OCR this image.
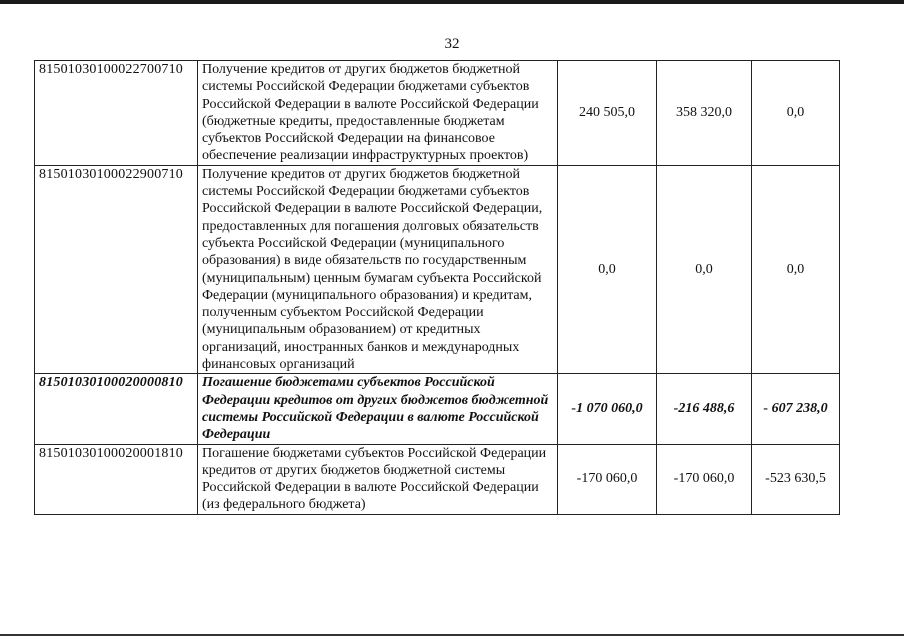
32
81501030100022700710	Получение кредитов от других бюджетов бюджетной системы Российской Федерации бюджетами субъектов Российской Федерации в валюте Российской Федерации (бюджетные кредиты, предоставленные бюджетам субъектов Российской Федерации на финансовое обеспечение реализации инфраструктурных проектов)	240 505,0	358 320,0	0,0
81501030100022900710	Получение кредитов от других бюджетов бюджетной системы Российской Федерации бюджетами субъектов Российской Федерации в валюте Российской Федерации, предоставленных для погашения долговых обязательств субъекта Российской Федерации (муниципального образования) в виде обязательств по государственным (муниципальным) ценным бумагам субъекта Российской Федерации (муниципального образования) и кредитам, полученным субъектом Российской Федерации (муниципальным образованием) от кредитных организаций, иностранных банков и международных финансовых организаций	0,0	0,0	0,0
81501030100020000810	Погашение бюджетами субъектов Российской Федерации кредитов от других бюджетов бюджетной системы Российской Федерации в валюте Российской Федерации	-1 070 060,0	-216 488,6	- 607 238,0
81501030100020001810	Погашение бюджетами субъектов Российской Федерации кредитов от других бюджетов бюджетной системы Российской Федерации в валюте Российской Федерации (из федерального бюджета)	-170 060,0	-170 060,0	-523 630,5
